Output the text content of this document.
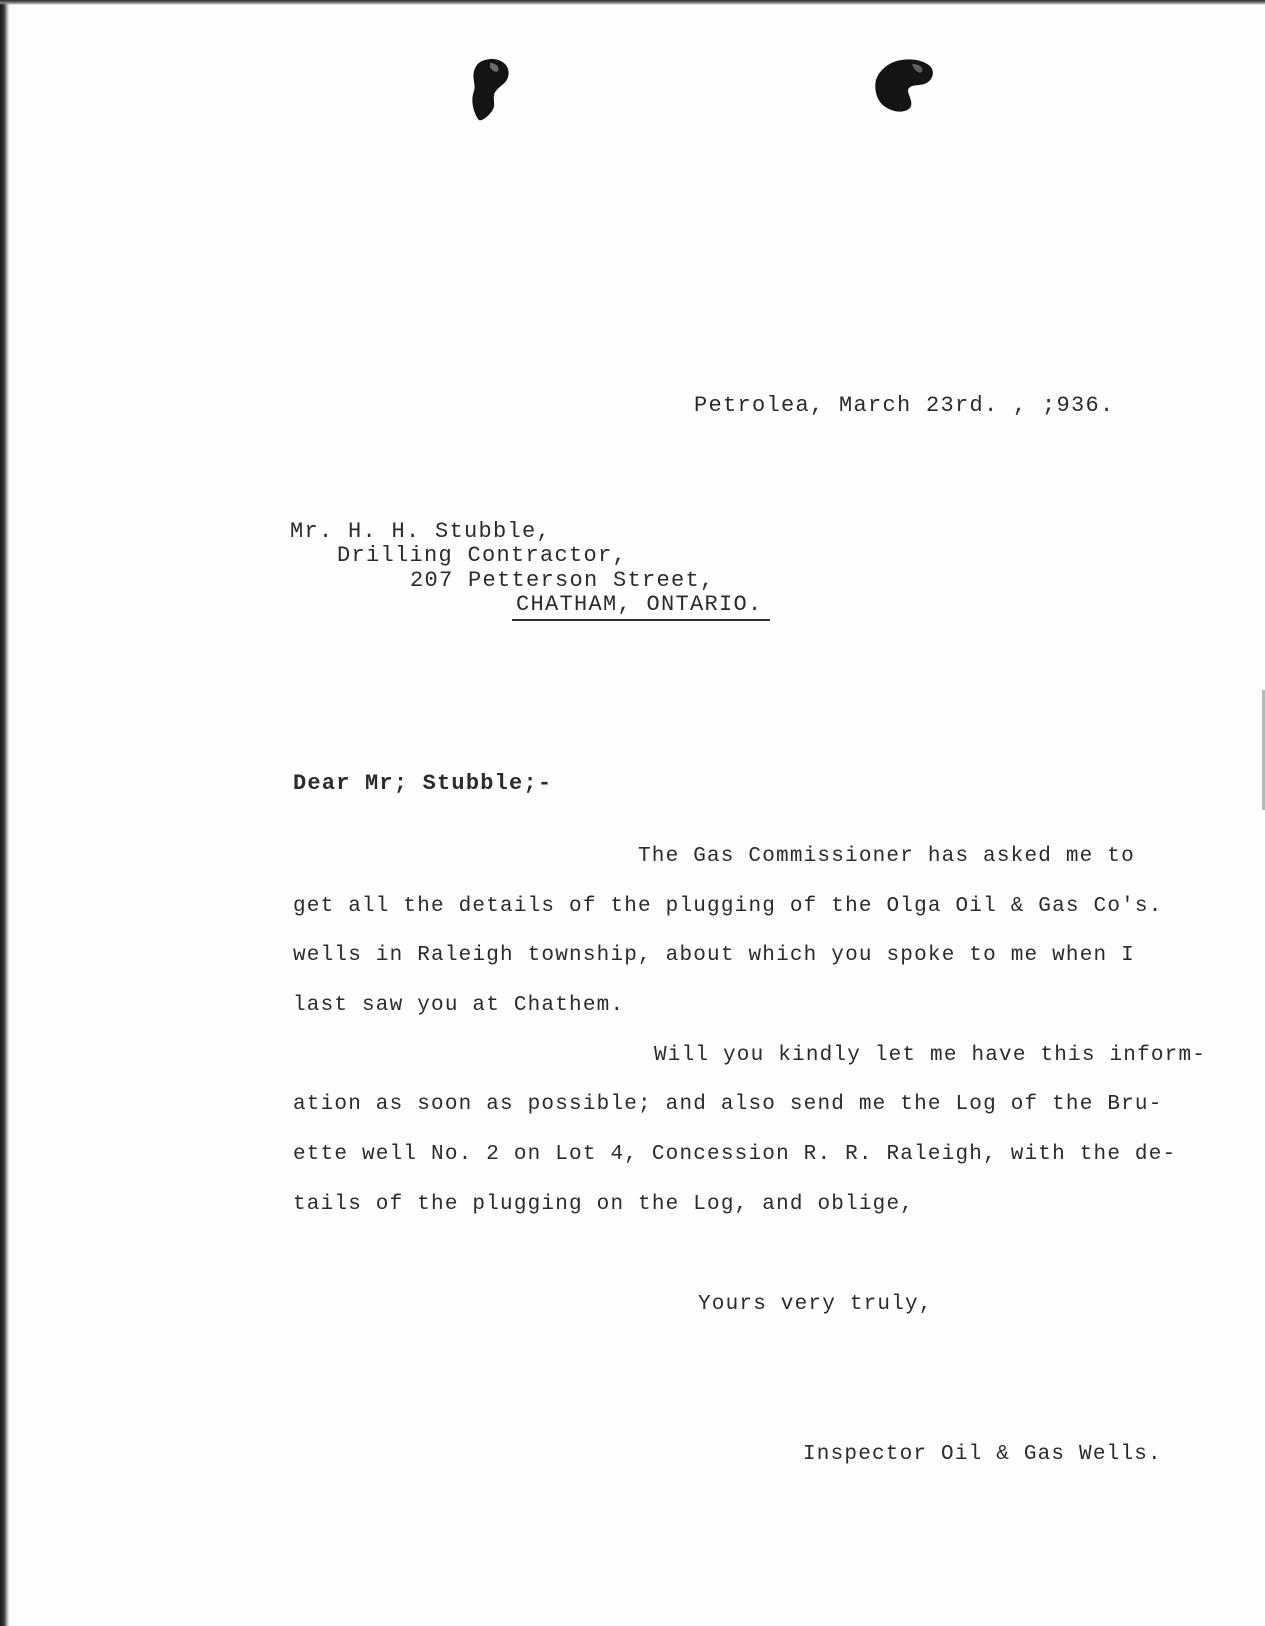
Petrolea, March 23rd. , ;936.
Mr. H. H. Stubble,
Drilling Contractor,
207 Petterson Street,
CHATHAM, ONTARIO.
Dear Mr; Stubble;-
The Gas Commissioner has asked me to
get all the details of the plugging of the Olga Oil & Gas Co's.
wells in Raleigh township, about which you spoke to me when I
last saw you at Chathem.
Will you kindly let me have this inform-
ation as soon as possible; and also send me the Log of the Bru-
ette well No. 2 on Lot 4, Concession R. R. Raleigh, with the de-
tails of the plugging on the Log, and oblige,
Yours very truly,
Inspector Oil & Gas Wells.
